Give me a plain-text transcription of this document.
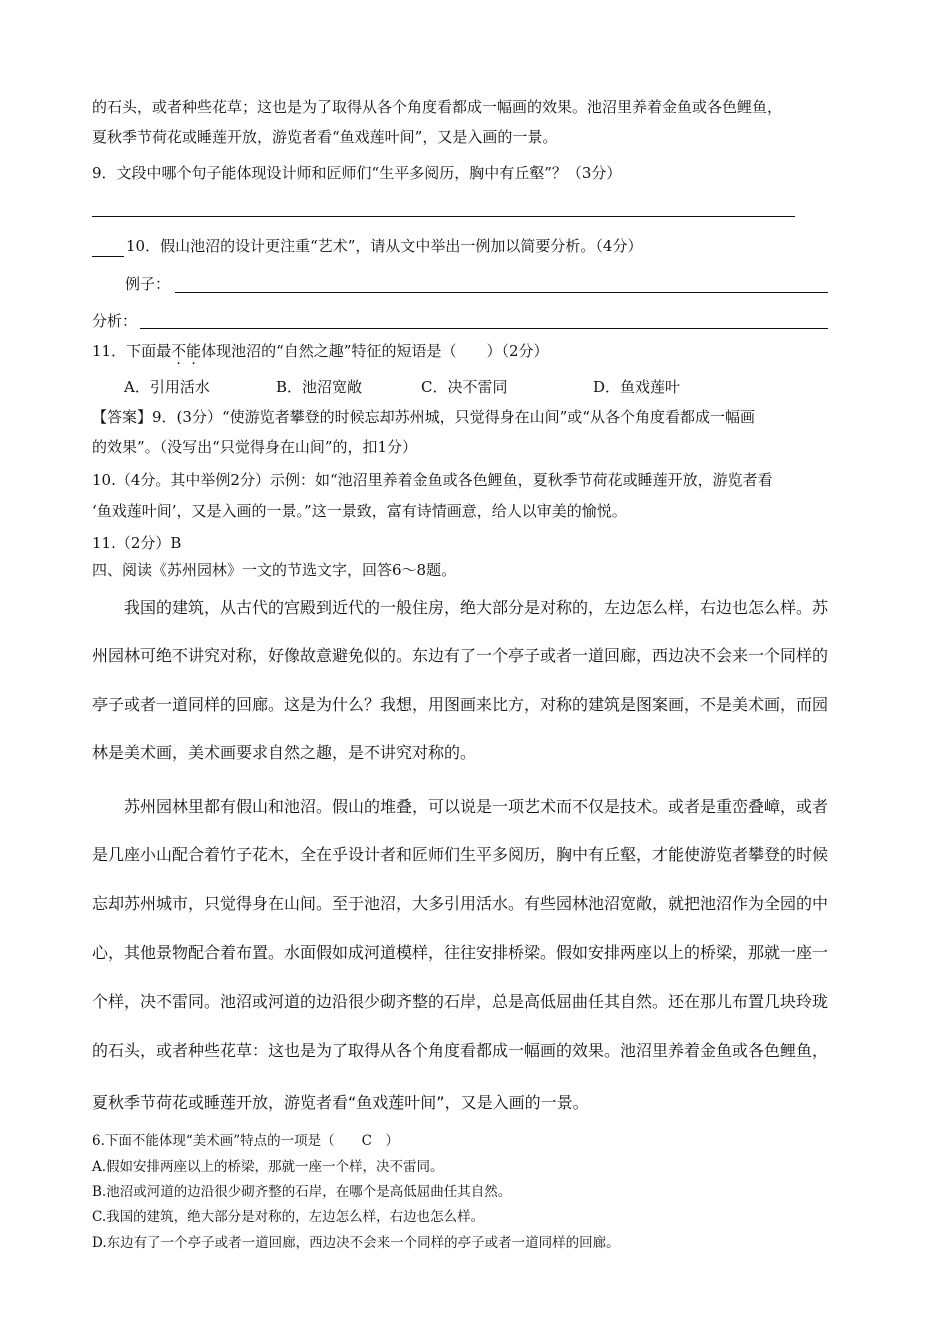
的石头，或者种些花草；这也是为了取得从各个角度看都成一幅画的效果。池沼里养着金鱼或各色鲤鱼，
夏秋季节荷花或睡莲开放，游览者看“鱼戏莲叶间”，又是入画的一景。
9．文段中哪个句子能体现设计师和匠师们“生平多阅历，胸中有丘壑”？（3分）
10．假山池沼的设计更注重“艺术”，请从文中举出一例加以简要分析。（4分）
例子：
分析：
11．下面最不能体现池沼的“自然之趣”特征的短语是（　　）（2分）
A．引用活水	B．池沼宽敞	C．决不雷同	D．鱼戏莲叶
【答案】9．(3分）“使游览者攀登的时候忘却苏州城，只觉得身在山间”或“从各个角度看都成一幅画
的效果”。（没写出“只觉得身在山间”的，扣1分）
10.（4分。其中举例2分）示例：如“池沼里养着金鱼或各色鲤鱼，夏秋季节荷花或睡莲开放，游览者看
‘鱼戏莲叶间’，又是入画的一景。”这一景致，富有诗情画意，给人以审美的愉悦。
11.（2分）B
四、阅读《苏州园林》一文的节选文字，回答6～8题。
我国的建筑，从古代的宫殿到近代的一般住房，绝大部分是对称的，左边怎么样，右边也怎么样。苏
州园林可绝不讲究对称，好像故意避免似的。东边有了一个亭子或者一道回廊，西边决不会来一个同样的
亭子或者一道同样的回廊。这是为什么？我想，用图画来比方，对称的建筑是图案画，不是美术画，而园
林是美术画，美术画要求自然之趣，是不讲究对称的。
苏州园林里都有假山和池沼。假山的堆叠，可以说是一项艺术而不仅是技术。或者是重峦叠嶂，或者
是几座小山配合着竹子花木，全在乎设计者和匠师们生平多阅历，胸中有丘壑，才能使游览者攀登的时候
忘却苏州城市，只觉得身在山间。至于池沼，大多引用活水。有些园林池沼宽敞，就把池沼作为全园的中
心，其他景物配合着布置。水面假如成河道模样，往往安排桥梁。假如安排两座以上的桥梁，那就一座一
个样，决不雷同。池沼或河道的边沿很少砌齐整的石岸，总是高低屈曲任其自然。还在那儿布置几块玲珑
的石头，或者种些花草：这也是为了取得从各个角度看都成一幅画的效果。池沼里养着金鱼或各色鲤鱼，
夏秋季节荷花或睡莲开放，游览者看“鱼戏莲叶间”，又是入画的一景。
6.下面不能体现“美术画”特点的一项是（　　C　）
A.假如安排两座以上的桥梁，那就一座一个样，决不雷同。
B.池沼或河道的边沿很少砌齐整的石岸，在哪个是高低屈曲任其自然。
C.我国的建筑，绝大部分是对称的，左边怎么样，右边也怎么样。
D.东边有了一个亭子或者一道回廊，西边决不会来一个同样的亭子或者一道同样的回廊。
